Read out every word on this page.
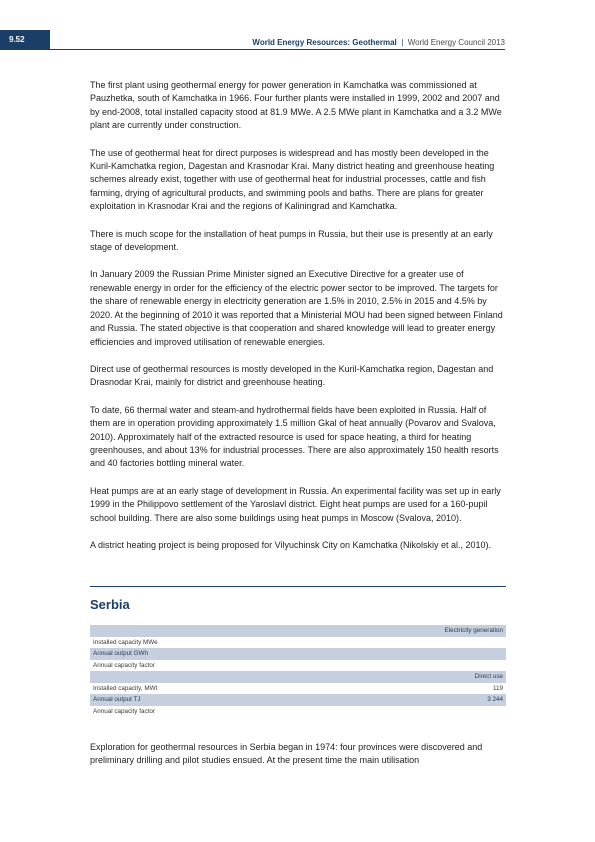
9.52	World Energy Resources: Geothermal  |  World Energy Council 2013

The first plant using geothermal energy for power generation in Kamchatka was commissioned at Pauzhetka, south of Kamchatka in 1966. Four further plants were installed in 1999, 2002 and 2007 and by end-2008, total installed capacity stood at 81.9 MWe. A 2.5 MWe plant in Kamchatka and a 3.2 MWe plant are currently under construction.

The use of geothermal heat for direct purposes is widespread and has mostly been developed in the Kuril-Kamchatka region, Dagestan and Krasnodar Krai. Many district heating and greenhouse heating schemes already exist, together with use of geothermal heat for industrial processes, cattle and fish farming, drying of agricultural products, and swimming pools and baths. There are plans for greater exploitation in Krasnodar Krai and the regions of Kaliningrad and Kamchatka.

There is much scope for the installation of heat pumps in Russia, but their use is presently at an early stage of development.

In January 2009 the Russian Prime Minister signed an Executive Directive for a greater use of renewable energy in order for the efficiency of the electric power sector to be improved. The targets for the share of renewable energy in electricity generation are 1.5% in 2010, 2.5% in 2015 and 4.5% by 2020. At the beginning of 2010 it was reported that a Ministerial MOU had been signed between Finland and Russia. The stated objective is that cooperation and shared knowledge will lead to greater energy efficiencies and improved utilisation of renewable energies.

Direct use of geothermal resources is mostly developed in the Kuril-Kamchatka region, Dagestan and Drasnodar Krai, mainly for district and greenhouse heating.

To date, 66 thermal water and steam-and hydrothermal fields have been exploited in Russia. Half of them are in operation providing approximately 1.5 million Gkal of heat annually (Povarov and Svalova, 2010). Approximately half of the extracted resource is used for space heating, a third for heating greenhouses, and about 13% for industrial processes. There are also approximately 150 health resorts and 40 factories bottling mineral water.

Heat pumps are at an early stage of development in Russia. An experimental facility was set up in early 1999 in the Philippovo settlement of the Yaroslavl district. Eight heat pumps are used for a 160-pupil school building. There are also some buildings using heat pumps in Moscow (Svalova, 2010).

A district heating project is being proposed for Vilyuchinsk City on Kamchatka (Nikolskiy et al., 2010).

Serbia
Electricity generation
Installed capacity MWe
Annual output GWh
Annual capacity factor
Direct use
Installed capacity, MWt	119
Annual output TJ	3 244
Annual capacity factor

Exploration for geothermal resources in Serbia began in 1974: four provinces were discovered and preliminary drilling and pilot studies ensued. At the present time the main utilisation
